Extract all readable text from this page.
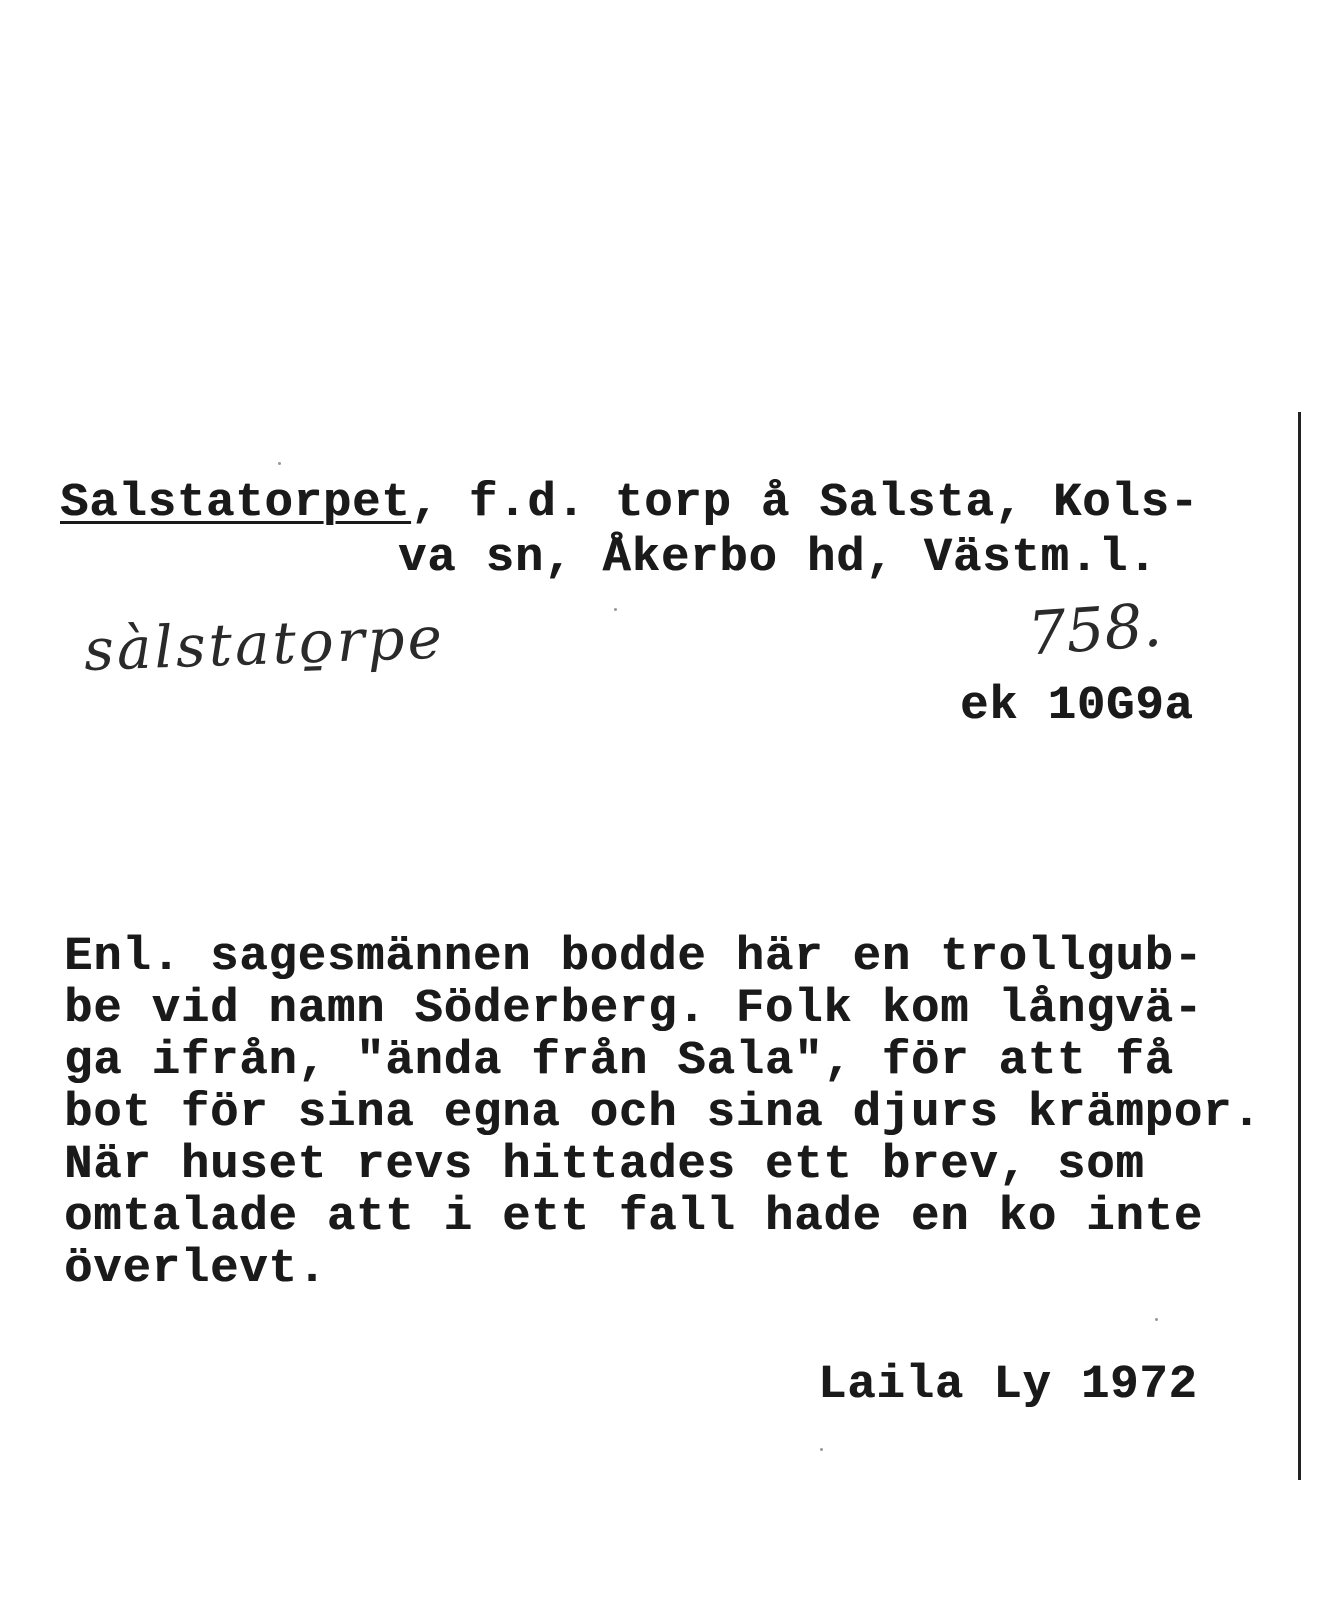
Salstatorpet, f.d. torp å Salsta, Kols-
va sn, Åkerbo hd, Västm.l.
sàlstato̱rpe	758.
ek 10G9a
Enl. sagesmännen bodde här en trollgub-
be vid namn Söderberg. Folk kom långvä-
ga ifrån, "ända från Sala", för att få
bot för sina egna och sina djurs krämpor.
När huset revs hittades ett brev, som
omtalade att i ett fall hade en ko inte
överlevt.
Laila Ly 1972
